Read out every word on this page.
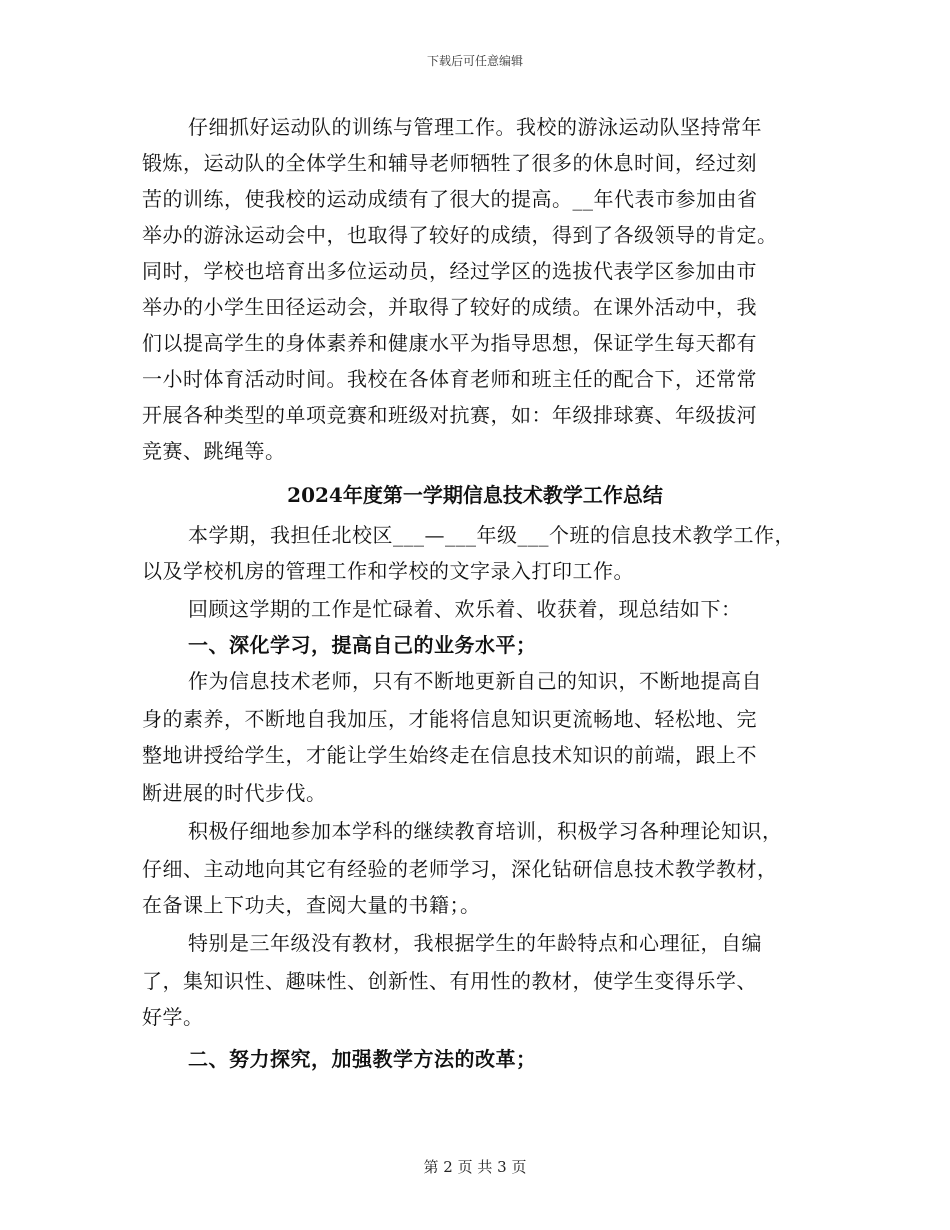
下载后可任意编辑
仔细抓好运动队的训练与管理工作。我校的游泳运动队坚持常年
锻炼，运动队的全体学生和辅导老师牺牲了很多的休息时间，经过刻
苦的训练，使我校的运动成绩有了很大的提高。__年代表市参加由省
举办的游泳运动会中，也取得了较好的成绩，得到了各级领导的肯定。
同时，学校也培育出多位运动员，经过学区的选拔代表学区参加由市
举办的小学生田径运动会，并取得了较好的成绩。在课外活动中，我
们以提高学生的身体素养和健康水平为指导思想，保证学生每天都有
一小时体育活动时间。我校在各体育老师和班主任的配合下，还常常
开展各种类型的单项竞赛和班级对抗赛，如：年级排球赛、年级拔河
竞赛、跳绳等。
2024年度第一学期信息技术教学工作总结
本学期，我担任北校区___—___年级___个班的信息技术教学工作，
以及学校机房的管理工作和学校的文字录入打印工作。
回顾这学期的工作是忙碌着、欢乐着、收获着，现总结如下：
一、深化学习，提高自己的业务水平；
作为信息技术老师，只有不断地更新自己的知识，不断地提高自
身的素养，不断地自我加压，才能将信息知识更流畅地、轻松地、完
整地讲授给学生，才能让学生始终走在信息技术知识的前端，跟上不
断进展的时代步伐。
积极仔细地参加本学科的继续教育培训，积极学习各种理论知识，
仔细、主动地向其它有经验的老师学习，深化钻研信息技术教学教材，
在备课上下功夫，查阅大量的书籍；。
特别是三年级没有教材，我根据学生的年龄特点和心理征，自编
了，集知识性、趣味性、创新性、有用性的教材，使学生变得乐学、
好学。
二、努力探究，加强教学方法的改革；
第 2 页 共 3 页
